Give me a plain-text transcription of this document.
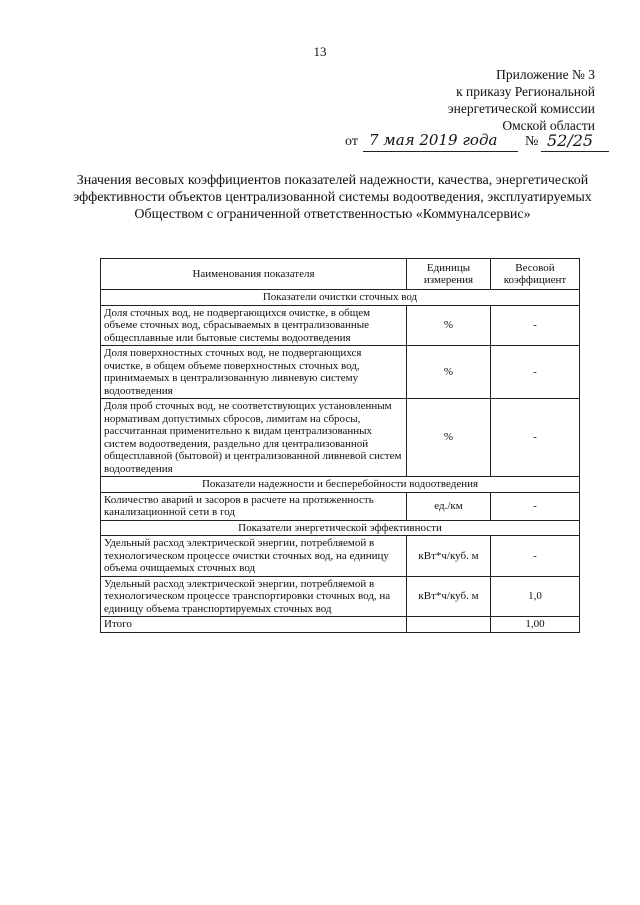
13
Приложение № 3
к приказу Региональной
энергетической комиссии
Омской области
от 7 мая 2019 года № 52/25
Значения весовых коэффициентов показателей надежности, качества, энергетической эффективности объектов централизованной системы водоотведения, эксплуатируемых Обществом с ограниченной ответственностью «Коммуналсервис»
Наименования показателя	Единицы измерения	Весовой коэффициент
Показатели очистки сточных вод		
Доля сточных вод, не подвергающихся очистке, в общем объеме сточных вод, сбрасываемых в централизованные общесплавные или бытовые системы водоотведения	%	-
Доля поверхностных сточных вод, не подвергающихся очистке, в общем объеме поверхностных сточных вод, принимаемых в централизованную ливневую систему водоотведения	%	-
Доля проб сточных вод, не соответствующих установленным нормативам допустимых сбросов, лимитам на сбросы, рассчитанная применительно к видам централизованных систем водоотведения, раздельно для централизованной общесплавной (бытовой) и централизованной ливневой систем водоотведения	%	-
Показатели надежности и бесперебойности водоотведения		
Количество аварий и засоров в расчете на протяженность канализационной сети в год	ед./км	-
Показатели энергетической эффективности		
Удельный расход электрической энергии, потребляемой в технологическом процессе очистки сточных вод, на единицу объема очищаемых сточных вод	кВт*ч/куб. м	-
Удельный расход электрической энергии, потребляемой в технологическом процессе транспортировки сточных вод, на единицу объема транспортируемых сточных вод	кВт*ч/куб. м	1,0
Итого		1,00
